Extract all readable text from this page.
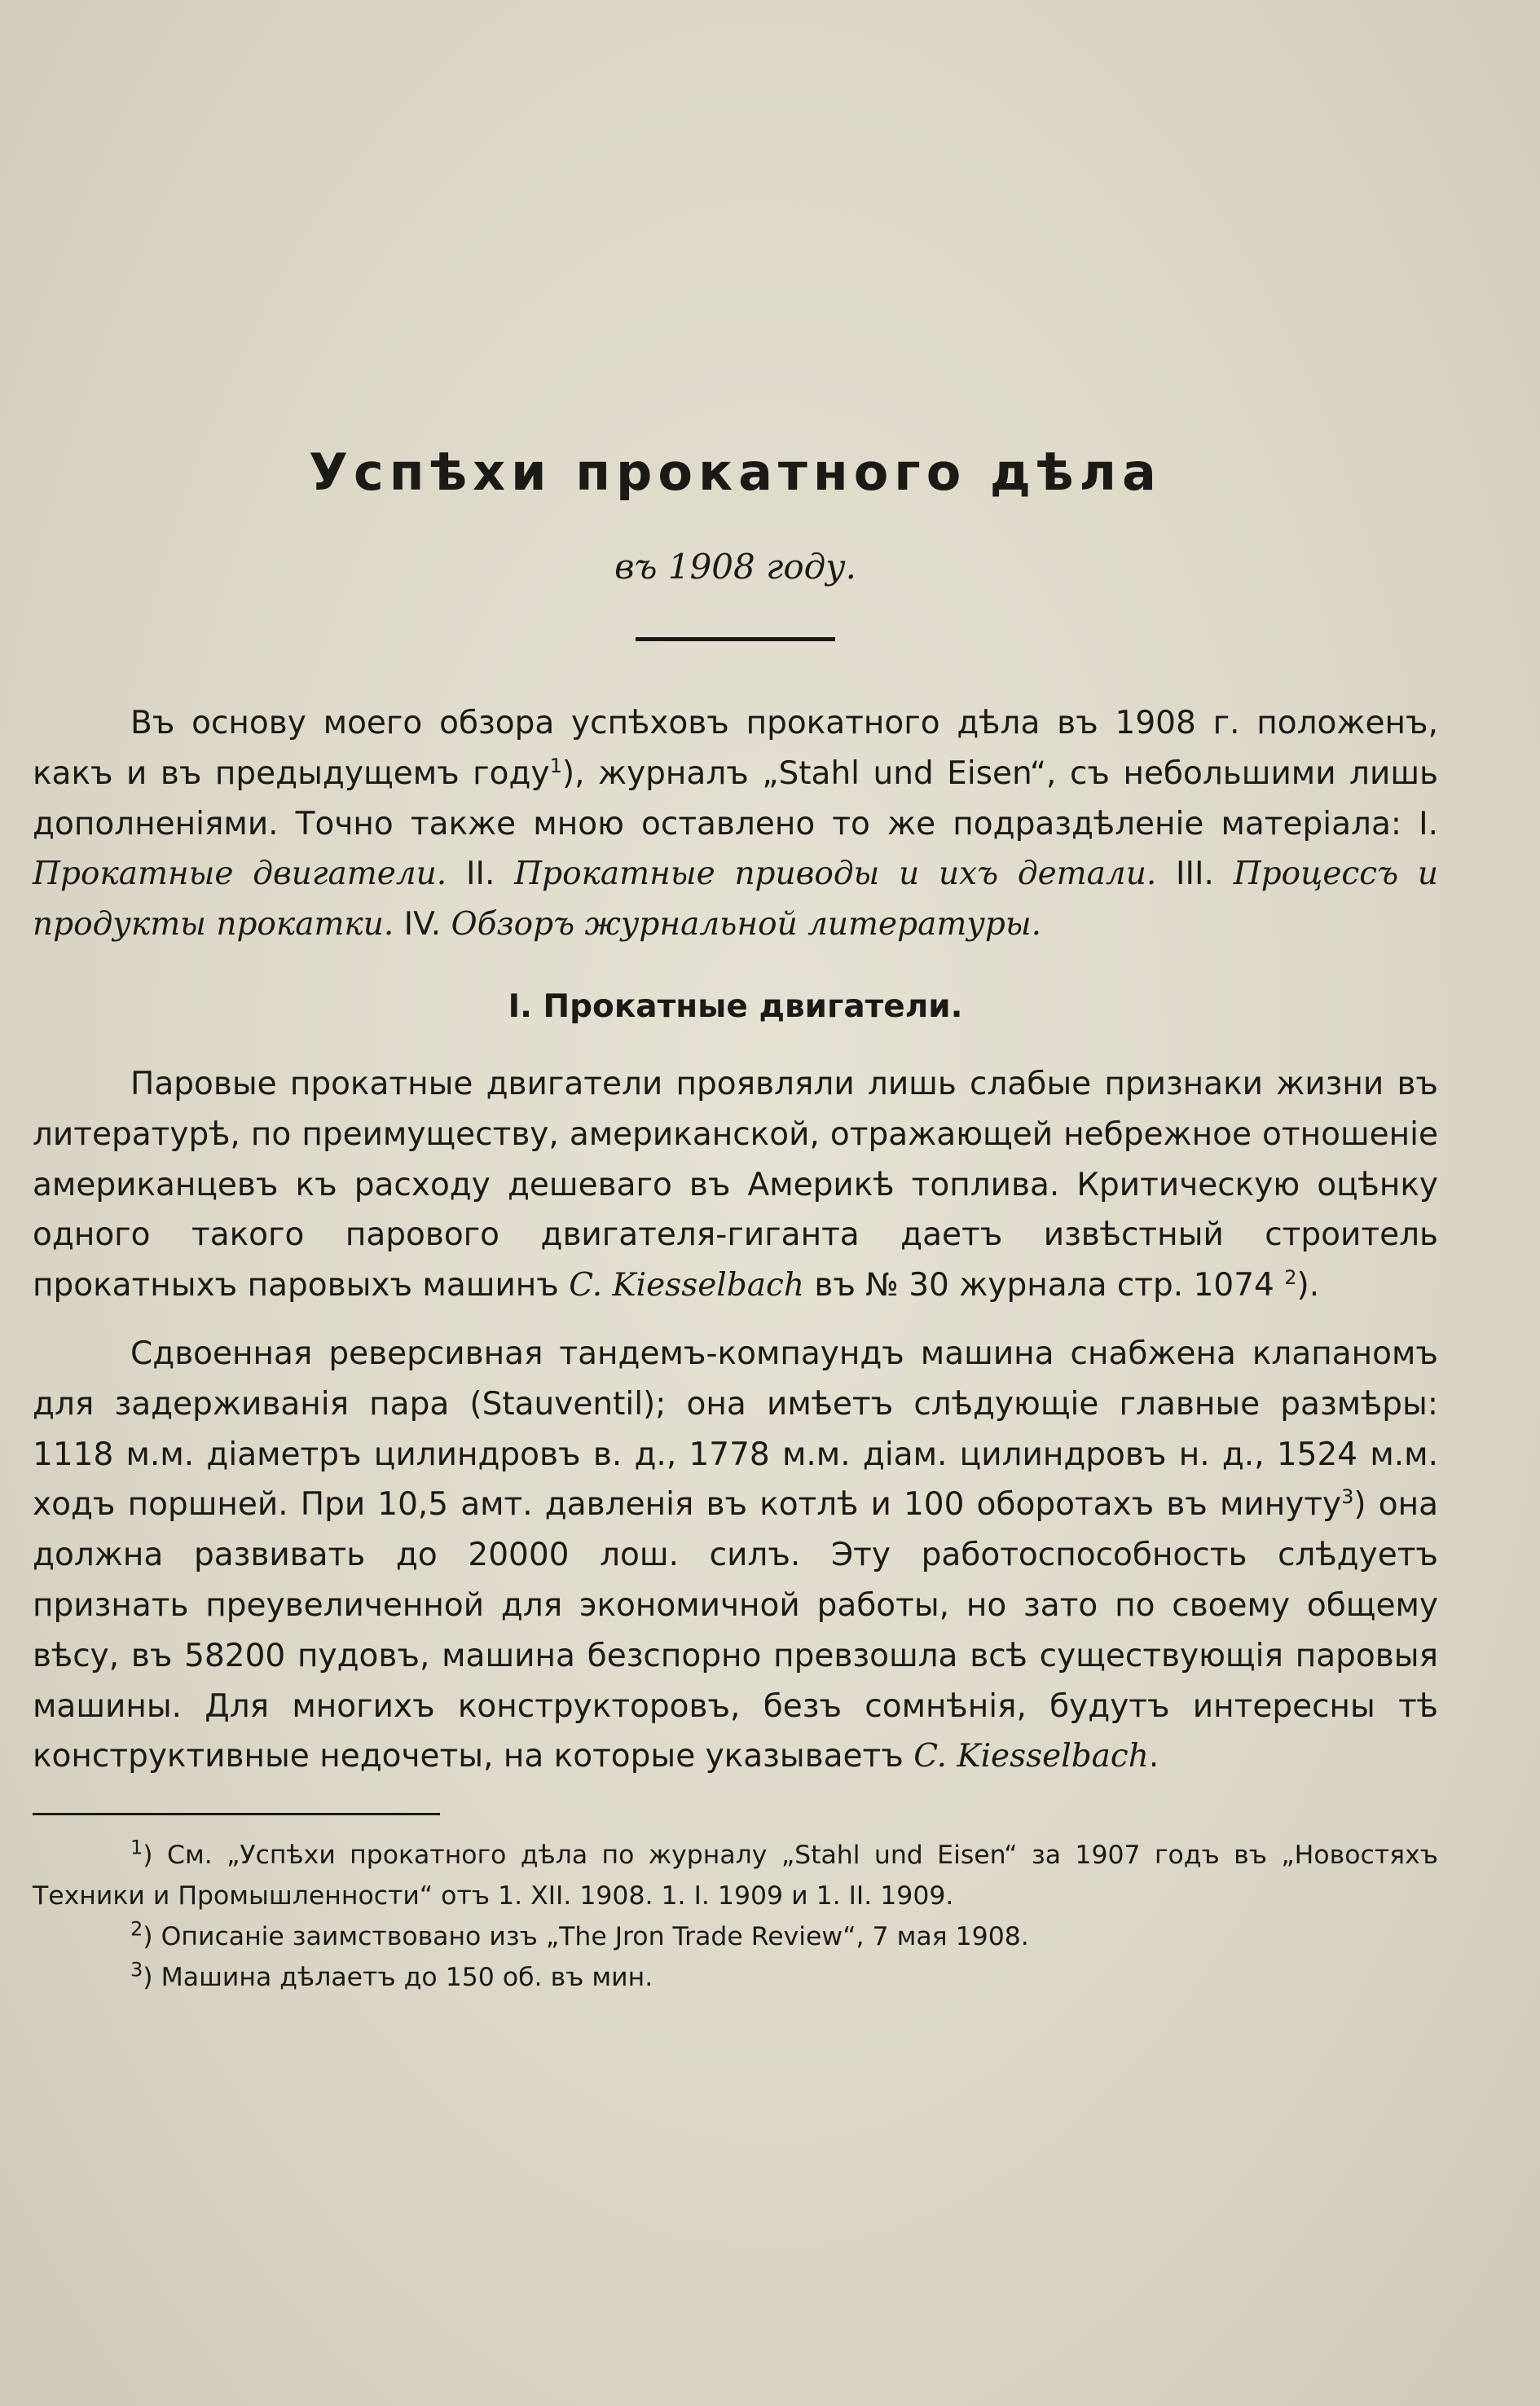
Успѣхи прокатного дѣла
въ 1908 году.

Въ основу моего обзора успѣховъ прокатного дѣла въ 1908 г. положенъ, какъ и въ предыдущемъ году$^1$), журналъ „Stahl und Eisen“, съ небольшими лишь дополненіями. Точно также мною оставлено то же подраздѣленіе матеріала: I. Прокатные двигатели. II. Прокатные приводы и ихъ детали. III. Процессъ и продукты прокатки. IV. Обзоръ журнальной литературы.

I. Прокатные двигатели.

Паровые прокатные двигатели проявляли лишь слабые признаки жизни въ литературѣ, по преимуществу, американской, отражающей небрежное отношеніе американцевъ къ расходу дешеваго въ Америкѣ топлива. Критическую оцѣнку одного такого парового двигателя-гиганта даетъ извѣстный строитель прокатныхъ паровыхъ машинъ C. Kiesselbach въ № 30 журнала стр. 1074 $^2$).

Сдвоенная реверсивная тандемъ-компаундъ машина снабжена клапаномъ для задерживанія пара (Stauventil); она имѣетъ слѣдующіе главные размѣры: 1118 м.м. діаметръ цилиндровъ в. д., 1778 м.м. діам. цилиндровъ н. д., 1524 м.м. ходъ поршней. При 10,5 амт. давленія въ котлѣ и 100 оборотахъ въ минуту$^3$) она должна развивать до 20000 лош. силъ. Эту работоспособность слѣдуетъ признать преувеличенной для экономичной работы, но зато по своему общему вѣсу, въ 58200 пудовъ, машина безспорно превзошла всѣ существующія паровыя машины. Для многихъ конструкторовъ, безъ сомнѣнія, будутъ интересны тѣ конструктивные недочеты, на которые указываетъ C. Kiesselbach.

$^1$) См. „Успѣхи прокатного дѣла по журналу „Stahl und Eisen“ за 1907 годъ въ „Новостяхъ Техники и Промышленности“ отъ 1. XII. 1908. 1. I. 1909 и 1. II. 1909.

$^2$) Описаніе заимствовано изъ „The Jron Trade Review“, 7 мая 1908.

$^3$) Машина дѣлаетъ до 150 об. въ мин.
